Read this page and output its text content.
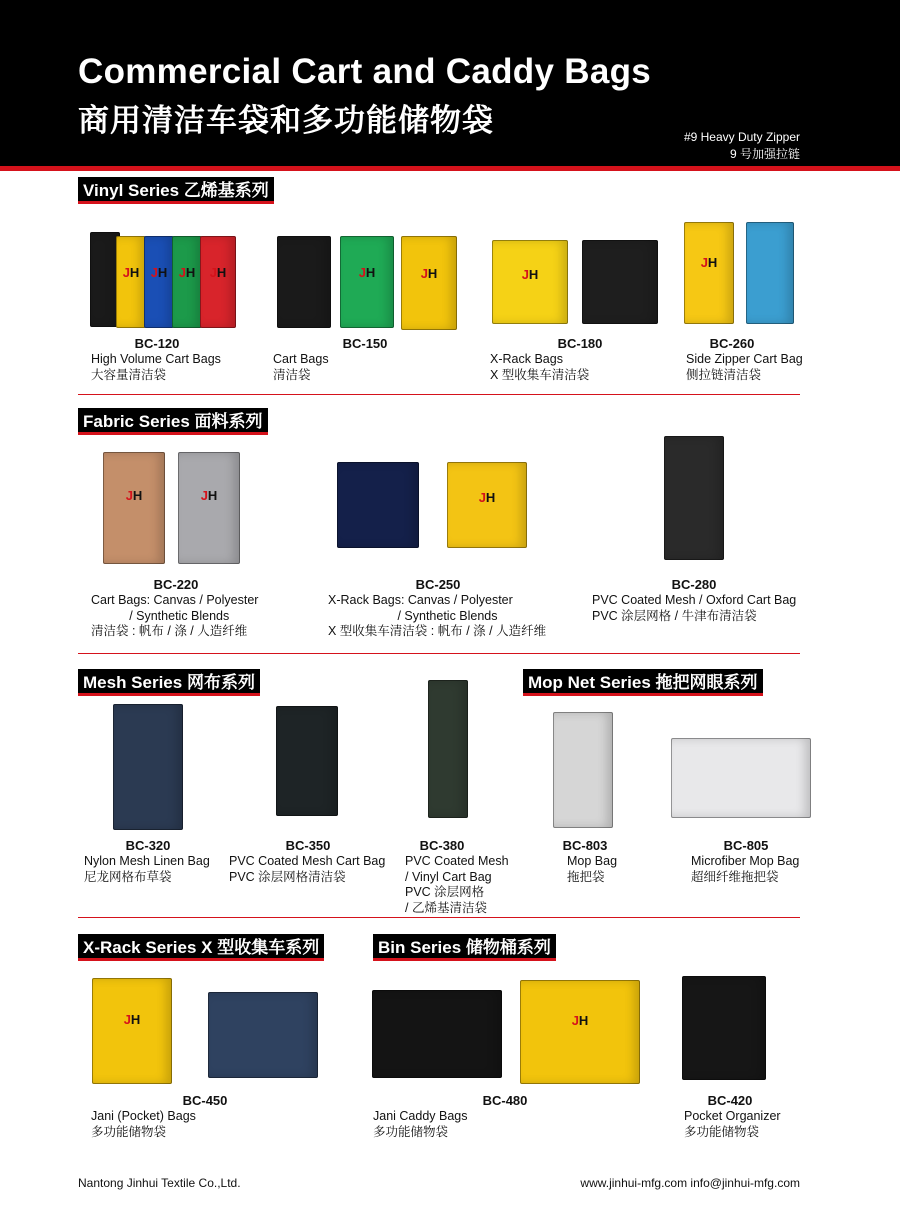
Commercial Cart and Caddy Bags
商用清洁车袋和多功能储物袋	#9 Heavy Duty Zipper
9 号加强拉链
Vinyl Series 乙烯基系列
Fabric Series 面料系列
Mesh Series 网布系列	Mop Net Series 拖把网眼系列
X-Rack Series X 型收集车系列	Bin Series 储物桶系列
JH JH JH JH
BC-120
High Volume Cart Bags
大容量清洁袋
JH	JH
BC-150
Cart Bags
清洁袋
JH
BC-180
X-Rack Bags
X 型收集车清洁袋
JH
BC-260
Side Zipper Cart Bag
侧拉链清洁袋
JH	JH
BC-220
Cart Bags: Canvas / Polyester
/ Synthetic Blends
清洁袋 : 帆布 / 涤 / 人造纤维
JH
BC-250
X-Rack Bags: Canvas / Polyester
/ Synthetic Blends
X 型收集车清洁袋 : 帆布 / 涤 / 人造纤维
BC-280
PVC Coated Mesh / Oxford Cart Bag
PVC 涂层网格 / 牛津布清洁袋
BC-320
Nylon Mesh Linen Bag
尼龙网格布草袋
BC-350
PVC Coated Mesh Cart Bag
PVC 涂层网格清洁袋
BC-380
PVC Coated Mesh
/ Vinyl Cart Bag
PVC 涂层网格
/ 乙烯基清洁袋
BC-803
Mop Bag
拖把袋
BC-805
Microfiber Mop Bag
超细纤维拖把袋
JH
BC-450
Jani (Pocket) Bags
多功能储物袋
JH
BC-480
Jani Caddy Bags
多功能储物袋
BC-420
Pocket Organizer
多功能储物袋
Nantong Jinhui Textile Co.,Ltd.	www.jinhui-mfg.com info@jinhui-mfg.com
